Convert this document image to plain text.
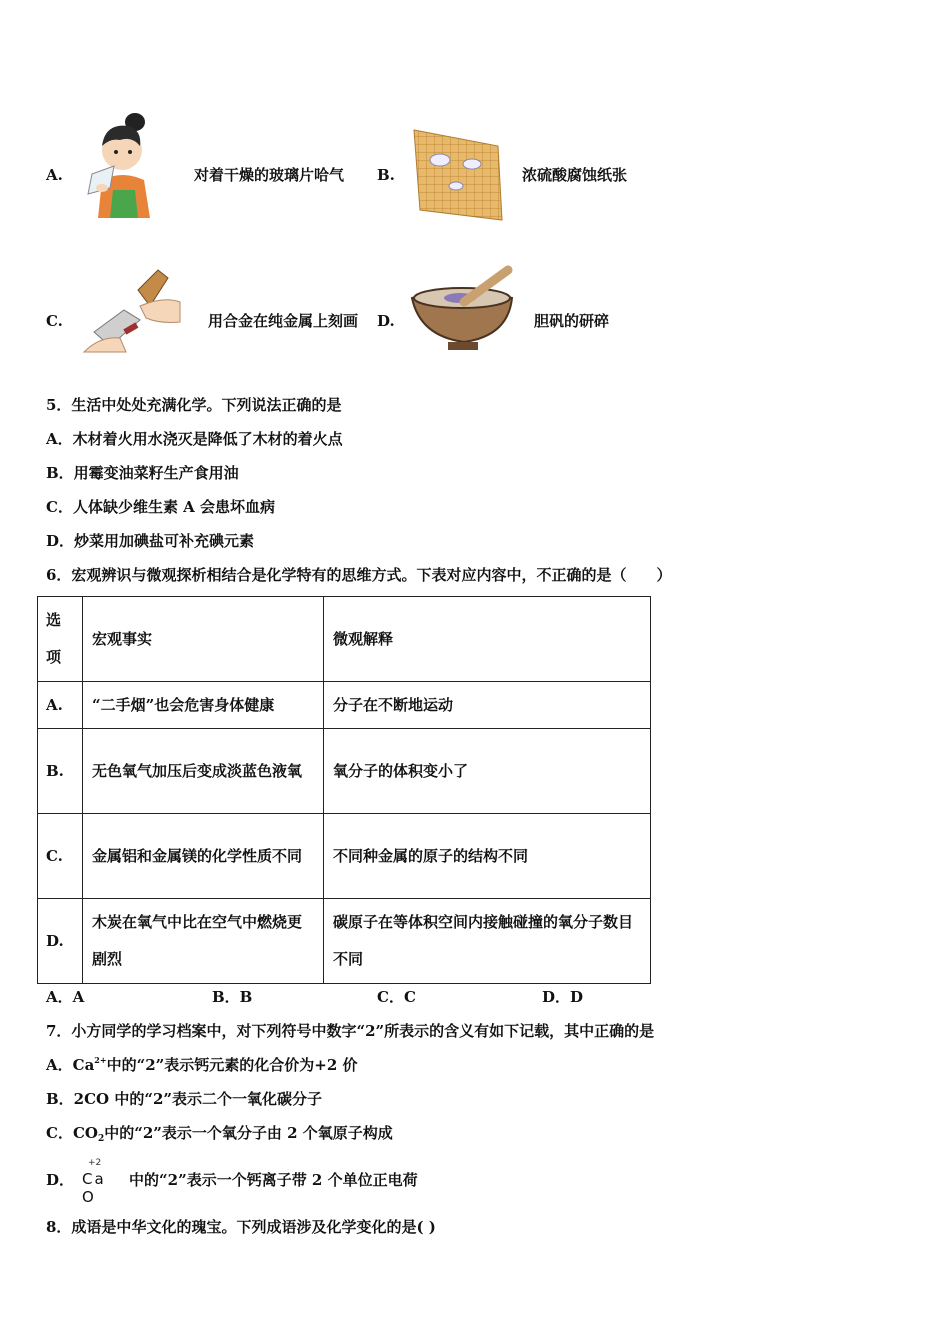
A.	对着干燥的玻璃片哈气 B.	浓硫酸腐蚀纸张
C.	用合金在纯金属上刻画 D.	胆矾的研碎
5．生活中处处充满化学。下列说法正确的是
A．木材着火用水浇灭是降低了木材的着火点
B．用霉变油菜籽生产食用油
C．人体缺少维生素 A 会患坏血病
D．炒菜用加碘盐可补充碘元素
6．宏观辨识与微观探析相结合是化学特有的思维方式。下表对应内容中，不正确的是（　　）
选
项	宏观事实	微观解释
A.	“二手烟”也会危害身体健康	分子在不断地运动
B.	无色氧气加压后变成淡蓝色液氧	氧分子的体积变小了
C.	金属铝和金属镁的化学性质不同	不同种金属的原子的结构不同
D.	木炭在氧气中比在空气中燃烧更剧烈	碳原子在等体积空间内接触碰撞的氧分子数目不同
A．A	B．B	C．C	D．D
7．小方同学的学习档案中，对下列符号中数字“2”所表示的含义有如下记载，其中正确的是
A．$Ca^{2+}$中的“2”表示钙元素的化合价为+2 价
B．2CO 中的“2”表示二个一氧化碳分子
C．$CO_2$中的“2”表示一个氧分子由 2 个氧原子构成
D．
+2
Ca O
中的“2”表示一个钙离子带 2 个单位正电荷
8．成语是中华文化的瑰宝。下列成语涉及化学变化的是( )
